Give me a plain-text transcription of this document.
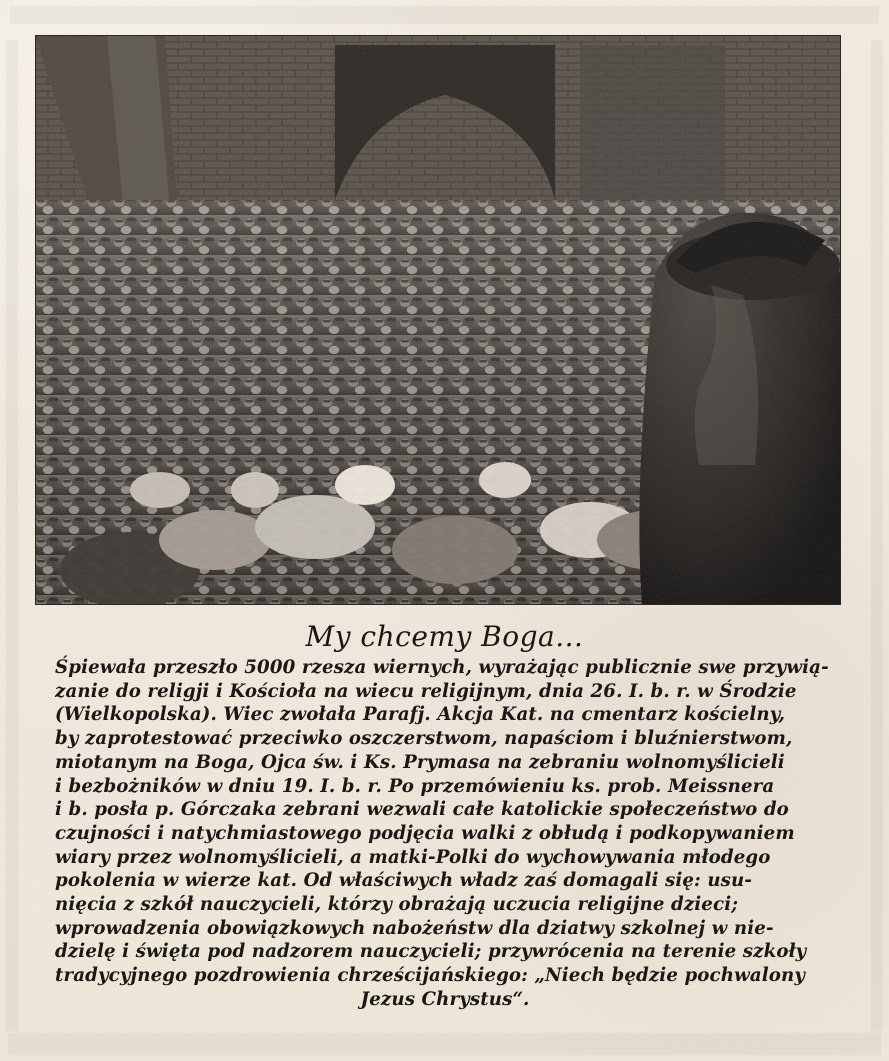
My chcemy Boga...
Śpiewała przeszło 5000 rzesza wiernych, wyrażając publicznie swe przywią-
zanie do religji i Kościoła na wiecu religijnym, dnia 26. I. b. r. w Środzie
(Wielkopolska). Wiec zwołała Parafj. Akcja Kat. na cmentarz kościelny,
by zaprotestować przeciwko oszczerstwom, napaściom i bluźnierstwom,
miotanym na Boga, Ojca św. i Ks. Prymasa na zebraniu wolnomyślicieli
i bezbożników w dniu 19. I. b. r. Po przemówieniu ks. prob. Meissnera
i b. posła p. Górczaka zebrani wezwali całe katolickie społeczeństwo do
czujności i natychmiastowego podjęcia walki z obłudą i podkopywaniem
wiary przez wolnomyślicieli, a matki-Polki do wychowywania młodego
pokolenia w wierze kat. Od właściwych władz zaś domagali się: usu-
nięcia z szkół nauczycieli, którzy obrażają uczucia religijne dzieci;
wprowadzenia obowiązkowych nabożeństw dla dziatwy szkolnej w nie-
dzielę i święta pod nadzorem nauczycieli; przywrócenia na terenie szkoły
tradycyjnego pozdrowienia chrześcijańskiego: „Niech będzie pochwalony
Jezus Chrystus“.
